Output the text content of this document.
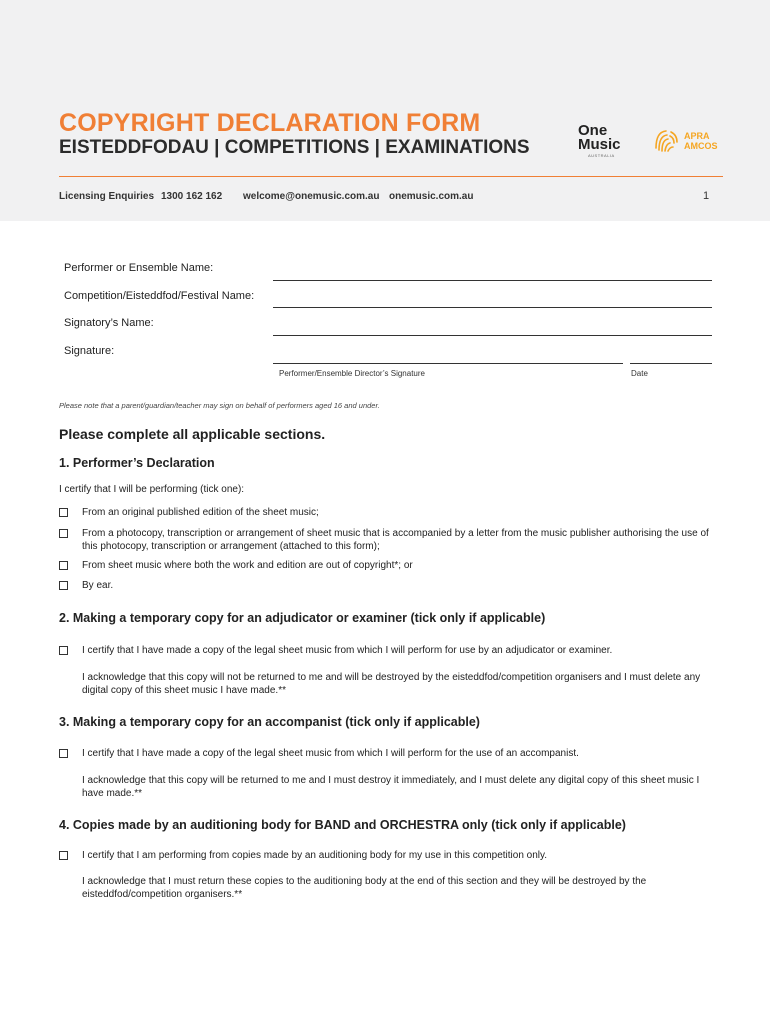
COPYRIGHT DECLARATION FORM
EISTEDDFODAU | COMPETITIONS | EXAMINATIONS
One
Music
AUSTRALIA
APRA
AMCOS
Licensing Enquiries 1300 162 162 welcome@onemusic.com.au onemusic.com.au	1
Performer or Ensemble Name:
Competition/Eisteddfod/Festival Name:
Signatory’s Name:
Signature:
Performer/Ensemble Director’s Signature	Date
Please note that a parent/guardian/teacher may sign on behalf of performers aged 16 and under.
Please complete all applicable sections.
1. Performer’s Declaration
I certify that I will be performing (tick one):
From an original published edition of the sheet music;
From a photocopy, transcription or arrangement of sheet music that is accompanied by a letter from the music publisher authorising the use of this photocopy, transcription or arrangement (attached to this form);
From sheet music where both the work and edition are out of copyright*; or
By ear.
2. Making a temporary copy for an adjudicator or examiner (tick only if applicable)
I certify that I have made a copy of the legal sheet music from which I will perform for use by an adjudicator or examiner.
I acknowledge that this copy will not be returned to me and will be destroyed by the eisteddfod/competition organisers and I must delete any digital copy of this sheet music I have made.**
3. Making a temporary copy for an accompanist (tick only if applicable)
I certify that I have made a copy of the legal sheet music from which I will perform for the use of an accompanist.
I acknowledge that this copy will be returned to me and I must destroy it immediately, and I must delete any digital copy of this sheet music I have made.**
4. Copies made by an auditioning body for BAND and ORCHESTRA only (tick only if applicable)
I certify that I am performing from copies made by an auditioning body for my use in this competition only.
I acknowledge that I must return these copies to the auditioning body at the end of this section and they will be destroyed by the eisteddfod/competition organisers.**
